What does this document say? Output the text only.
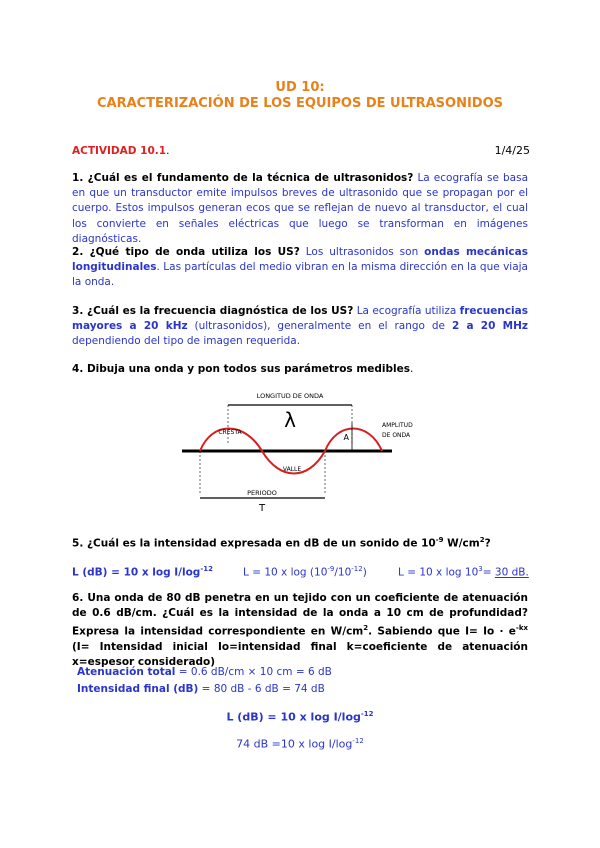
UD 10:
CARACTERIZACIÓN DE LOS EQUIPOS DE ULTRASONIDOS
ACTIVIDAD 10.1.	1/4/25
1. ¿Cuál es el fundamento de la técnica de ultrasonidos? La ecografía se basa en que un transductor emite impulsos breves de ultrasonido que se propagan por el cuerpo. Estos impulsos generan ecos que se reflejan de nuevo al transductor, el cual los convierte en señales eléctricas que luego se transforman en imágenes diagnósticas.
2. ¿Qué tipo de onda utiliza los US? Los ultrasonidos son ondas mecánicas longitudinales. Las partículas del medio vibran en la misma dirección en la que viaja la onda.
3. ¿Cuál es la frecuencia diagnóstica de los US? La ecografía utiliza frecuencias mayores a 20 kHz (ultrasonidos), generalmente en el rango de 2 a 20 MHz dependiendo del tipo de imagen requerida.
4. Dibuja una onda y pon todos sus parámetros medibles.
LONGITUD DE ONDA
λ
A
AMPLITUD
DE ONDA
CRESTA
VALLE
PERIODO
T
5. ¿Cuál es la intensidad expresada en dB de un sonido de $10^{-9}$ $W/cm^2$?
L (dB) = 10 x $\log I/\log^{-12}$	L = 10 x $\log (10^{-9}/10^{-12})$	L = 10 x $\log 10^3= 30$ dB.
6. Una onda de 80 dB penetra en un tejido con un coeficiente de atenuación de 0.6 dB/cm. ¿Cuál es la intensidad de la onda a 10 cm de profundidad? Expresa la intensidad correspondiente en $W/cm^2$. Sabiendo que $I= Io \cdot e^{-kx}$ (I= Intensidad inicial Io=intensidad final k=coeficiente de atenuación x=espesor considerado)
Atenuación total = 0.6 dB/cm × 10 cm = 6 dB
Intensidad final (dB) = 80 dB - 6 dB = 74 dB
L (dB) = 10 x $\log I/\log^{-12}$
74 dB =10 x $\log I/\log^{-12}$
